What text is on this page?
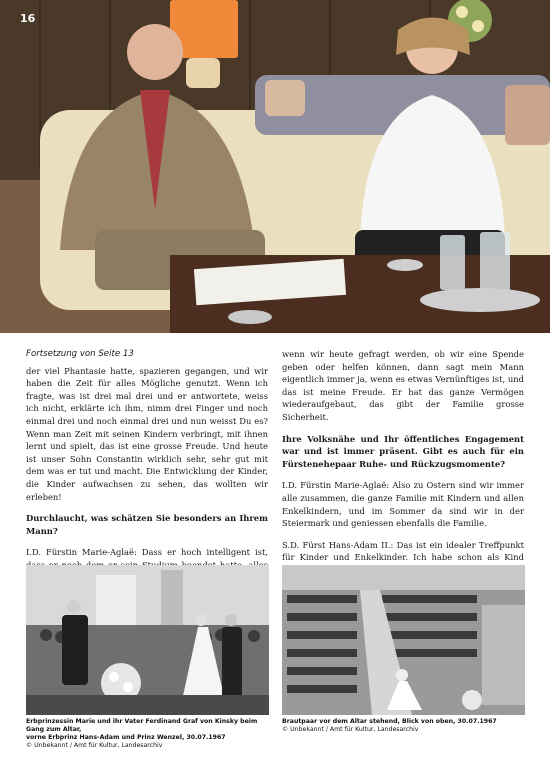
16

Fortsetzung von Seite 13

der viel Phantasie hatte, spazieren gegangen, und wir haben die Zeit für alles Mögliche genutzt. Wenn ich fragte, was ist drei mal drei und er antwortete, weiss ich nicht, erklärte ich ihm, nimm drei Finger und noch einmal drei und noch einmal drei und nun weisst Du es? Wenn man Zeit mit seinen Kindern verbringt, mit ihnen lernt und spielt, das ist eine grosse Freude. Und heute ist unser Sohn Constantin wirklich sehr, sehr gut mit dem was er tut und macht. Die Entwicklung der Kinder, die Kinder aufwachsen zu sehen, das wollten wir erleben!

Durchlaucht, was schätzen Sie besonders an Ihrem Mann?

I.D. Fürstin Marie-Aglaë: Dass er hoch intelligent ist,

wenn wir heute gefragt werden, ob wir eine Spende geben oder helfen können, dann sagt mein Mann eigentlich immer ja, wenn es etwas Vernünftiges ist, und das ist meine Freude. Er hat das ganze Vermögen wiederaufgebaut, das gibt der Familie grosse Sicherheit.

Ihre Volksnähe und Ihr öffentliches Engagement war und ist immer präsent. Gibt es auch für ein Fürstenehepaar Ruhe- und Rückzugsmomente?

I.D. Fürstin Marie-Aglaë: Also zu Ostern sind wir immer alle zusammen, die ganze Familie mit Kindern und allen Enkelkindern, und im Sommer da sind wir in der Steiermark und geniessen ebenfalls die Familie.

S.D. Fürst Hans-Adam II.: Das ist ein idealer Treffpunkt für Kinder und Enkelkinder. Ich habe schon als Kind

Erbprinzessin Marie und ihr Vater Ferdinand Graf von Kinsky beim Gang zum Altar,
vorne Erbprinz Hans-Adam und Prinz Wenzel, 30.07.1967
© Unbekannt / Amt für Kultur, Landesarchiv
Brautpaar vor dem Altar stehend, Blick von oben, 30.07.1967
© Unbekannt / Amt für Kultur, Landesarchiv
